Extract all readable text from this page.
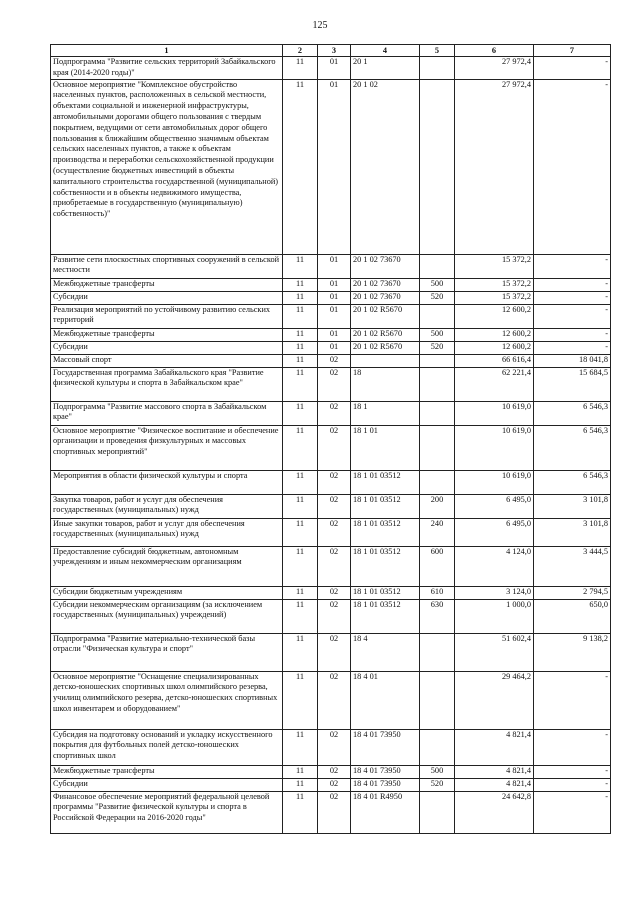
125
1	2	3	4	5	6	7
Подпрограмма "Развитие сельских территорий Забайкальского края (2014-2020 годы)"	11	01	20 1		27 972,4	-
Основное мероприятие "Комплексное обустройство населенных пунктов, расположенных в сельской местности, объектами социальной и инженерной инфраструктуры, автомобильными дорогами общего пользования с твердым покрытием, ведущими от сети автомобильных дорог общего пользования к ближайшим общественно значимым объектам сельских населенных пунктов, а также к объектам производства и переработки сельскохозяйственной продукции (осуществление бюджетных инвестиций в объекты капитального строительства государственной (муниципальной) собственности и в объекты недвижимого имущества, приобретаемые в государственную (муниципальную) собственность)"	11	01	20 1 02		27 972,4	-
Развитие сети плоскостных спортивных сооружений в сельской местности	11	01	20 1 02 73670		15 372,2	-
Межбюджетные трансферты	11	01	20 1 02 73670	500	15 372,2	-
Субсидии	11	01	20 1 02 73670	520	15 372,2	-
Реализация мероприятий по устойчивому развитию сельских территорий	11	01	20 1 02 R5670		12 600,2	-
Межбюджетные трансферты	11	01	20 1 02 R5670	500	12 600,2	-
Субсидии	11	01	20 1 02 R5670	520	12 600,2	-
Массовый спорт	11	02			66 616,4	18 041,8
Государственная программа Забайкальского края "Развитие физической культуры и спорта в Забайкальском крае"	11	02	18		62 221,4	15 684,5
Подпрограмма "Развитие массового спорта в Забайкальском крае"	11	02	18 1		10 619,0	6 546,3
Основное мероприятие "Физическое воспитание и обеспечение организации и проведения физкультурных и массовых спортивных мероприятий"	11	02	18 1 01		10 619,0	6 546,3
Мероприятия в области физической культуры и спорта	11	02	18 1 01 03512		10 619,0	6 546,3
Закупка товаров, работ и услуг для обеспечения государственных (муниципальных) нужд	11	02	18 1 01 03512	200	6 495,0	3 101,8
Иные закупки товаров, работ и услуг для обеспечения государственных (муниципальных) нужд	11	02	18 1 01 03512	240	6 495,0	3 101,8
Предоставление субсидий бюджетным, автономным учреждениям и иным некоммерческим организациям	11	02	18 1 01 03512	600	4 124,0	3 444,5
Субсидии бюджетным учреждениям	11	02	18 1 01 03512	610	3 124,0	2 794,5
Субсидии некоммерческим организациям (за исключением государственных (муниципальных) учреждений)	11	02	18 1 01 03512	630	1 000,0	650,0
Подпрограмма "Развитие материально-технической базы отрасли "Физическая культура и спорт"	11	02	18 4		51 602,4	9 138,2
Основное мероприятие "Оснащение специализированных детско-юношеских спортивных школ олимпийского резерва, училищ олимпийского резерва, детско-юношеских спортивных школ инвентарем и оборудованием"	11	02	18 4 01		29 464,2	-
Субсидия на подготовку оснований и укладку искусственного покрытия для футбольных полей детско-юношеских спортивных школ	11	02	18 4 01 73950		4 821,4	-
Межбюджетные трансферты	11	02	18 4 01 73950	500	4 821,4	-
Субсидии	11	02	18 4 01 73950	520	4 821,4	-
Финансовое обеспечение мероприятий федеральной целевой программы "Развитие физической культуры и спорта в Российской Федерации на 2016-2020 годы"	11	02	18 4 01 R4950		24 642,8	-
